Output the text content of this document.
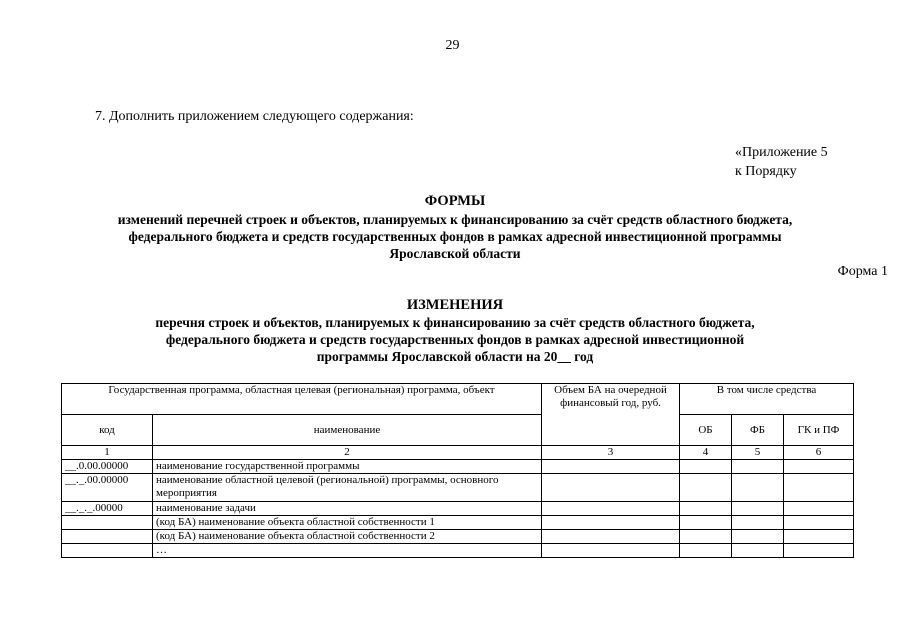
29
7. Дополнить приложением следующего содержания:
«Приложение 5
к Порядку
ФОРМЫ
изменений перечней строек и объектов, планируемых к финансированию за счёт средств областного бюджета, федерального бюджета и средств государственных фондов в рамках адресной инвестиционной программы Ярославской области
Форма 1
ИЗМЕНЕНИЯ
перечня строек и объектов, планируемых к финансированию за счёт средств областного бюджета, федерального бюджета и средств государственных фондов в рамках адресной инвестиционной программы Ярославской области на 20__ год
Государственная программа, областная целевая (региональная) программа, объект		Объем БА на очередной финансовый год, руб.	В том числе средства		
код	наименование		ОБ	ФБ	ГК и ПФ
1	2	3	4	5	6
__.0.00.00000	наименование государственной программы				
__._.00.00000	наименование областной целевой (региональной) программы, основного мероприятия				
__._._.00000	наименование задачи				
	(код БА) наименование объекта областной собственности 1				
	(код БА) наименование объекта областной собственности 2				
	…				
